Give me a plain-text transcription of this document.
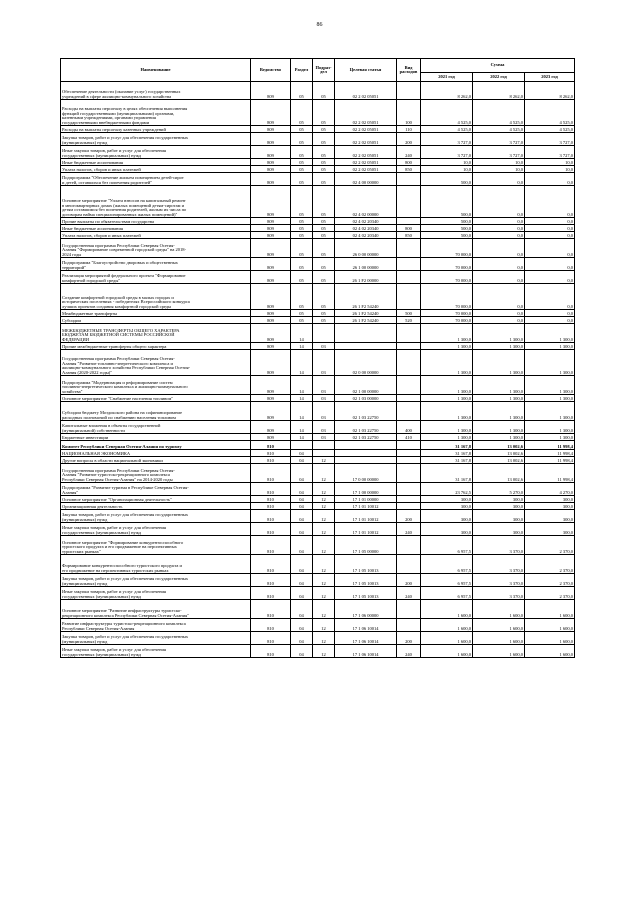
86
Наименование	Ведомство	Раздел	Подраз-
дел	Целевая статья	Вид
расходов	Сумма		
						2021 год	2022 год	2023 год
Обеспечение деятельности (оказание услуг) государственных
учреждений в сфере жилищно-коммунального хозяйства	809	05	05	02 2 02 05051		8 262,0	8 262,0	8 262,0
Расходы на выплаты персоналу в целях обеспечения выполнения
функций государственными (муниципальными) органами,
казенными учреждениями, органами управления
государственными внебюджетными фондами	809	05	05	02 2 02 05051	100	4 525,0	4 525,0	4 525,0
Расходы на выплаты персоналу казенных учреждений	809	05	05	02 2 02 05051	110	4 525,0	4 525,0	4 525,0
Закупка товаров, работ и услуг для обеспечения государственных
(муниципальных) нужд	809	05	05	02 2 02 05051	200	3 727,0	3 727,0	3 727,0
Иные закупки товаров, работ и услуг для обеспечения
государственных (муниципальных) нужд	809	05	05	02 2 02 05051	240	3 727,0	3 727,0	3 727,0
Иные бюджетные ассигнования	809	05	05	02 2 02 05051	800	10,0	10,0	10,0
Уплата налогов, сборов и иных платежей	809	05	05	02 2 02 05051	850	10,0	10,0	10,0
Подпрограмма "Обеспечение жильем помещением детей-сирот
и детей, оставшихся без попечения родителей"	809	05	05	02 4 00 00000		500,0	0,0	0,0
Основное мероприятие "Уплата взносов на капитальный ремонт
в многоквартирных домах (жилых помещений детям-сиротам и
детям оставшимся без попечения родителей, жилым их числа по
договорам найма специализированных жилых помещений)"	809	05	05	02 4 02 00000		500,0	0,0	0,0
Прочие выплаты по обязательствам государства	809	05	05	02 4 02 20340		500,0	0,0	0,0
Иные бюджетные ассигнования	809	05	05	02 4 02 20340	800	500,0	0,0	0,0
Уплата налогов, сборов и иных платежей	809	05	05	02 4 02 20340	850	500,0	0,0	0,0
Государственная программа Республики Северная Осетия-
Алания "Формирование современной городской среды" на 2018-
2024 годы	809	05	05	26 0 00 00000		70 000,0	0,0	0,0
Подпрограмма "Благоустройство дворовых и общественных
территорий"	809	05	05	26 1 00 00000		70 000,0	0,0	0,0
Реализация мероприятий федерального проекта "Формирование
комфортной городской среды"	809	05	05	26 1 F2 00000		70 000,0	0,0	0,0
Создание комфортной городской среды в малых городах и
исторических поселениях - победителях Всероссийского конкурса
лучших проектов создания комфортной городской среды	809	05	05	26 1 F2 54240		70 000,0	0,0	0,0
Межбюджетные трансферты	809	05	05	26 1 F2 54240	500	70 000,0	0,0	0,0
Субсидии	809	05	05	26 1 F2 54240	520	70 000,0	0,0	0,0
МЕЖБЮДЖЕТНЫЕ ТРАНСФЕРТЫ ОБЩЕГО ХАРАКТЕРА
БЮДЖЕТАМ БЮДЖЕТНОЙ СИСТЕМЫ РОССИЙСКОЙ
ФЕДЕРАЦИИ	809	14				1 300,0	1 300,0	1 300,0
Прочие межбюджетные трансферты общего характера	809	14	03			1 300,0	1 300,0	1 300,0
Государственная программа Республики Северная Осетия-
Алания "Развитие топливно-энергетического комплекса и
жилищно-коммунального хозяйства Республики Северная Осетия-
Алания (2020-2022 годы)"	809	14	03	02 0 00 00000		1 300,0	1 300,0	1 300,0
Подпрограмма "Модернизация и реформирование систем
топливно-энергетического комплекса и жилищно-коммунального
хозяйства"	809	14	03	02 1 00 00000		1 300,0	1 300,0	1 300,0
Основное мероприятие "Снабжение населения топливом"	809	14	03	02 1 03 00000		1 300,0	1 300,0	1 300,0
Субсидии бюджету Моздокского района на софинансирование
расходных полномочий по снабжению населения топливом	809	14	03	02 1 03 22750		1 300,0	1 300,0	1 300,0
Капитальные вложения в объекты государственной
(муниципальной) собственности	809	14	03	02 1 03 22750	400	1 300,0	1 300,0	1 300,0
Бюджетные инвестиции	809	14	03	02 1 03 22750	410	1 300,0	1 300,0	1 300,0
Комитет Республики Северная Осетия-Алания по туризму	810					31 167,8	13 002,6	11 998,4
НАЦИОНАЛЬНАЯ ЭКОНОМИКА	810	04				31 167,8	13 002,6	11 998,4
Другие вопросы в области национальной экономики	810	04	12			31 167,8	13 002,6	11 998,4
Государственная программа Республики Северная Осетия-
Алания "Развитие туристско-рекреационного комплекса
Республики Северная Осетия-Алания" на 2014-2020 годы	810	04	12	17 0 00 00000		31 167,8	13 002,6	11 998,4
Подпрограмма "Развитие туризма в Республике Северная Осетия-
Алания"	810	04	12	17 1 00 00000		23 762,5	5 270,0	4 270,0
Основное мероприятие "Организационная деятельность"	810	04	12	17 1 01 00000		300,0	300,0	300,0
Организационная деятельность	810	04	12	17 1 01 10012		300,0	300,0	300,0
Закупка товаров, работ и услуг для обеспечения государственных
(муниципальных) нужд	810	04	12	17 1 01 10012	200	300,0	300,0	300,0
Иные закупки товаров, работ и услуг для обеспечения
государственных (муниципальных) нужд	810	04	12	17 1 01 10012	240	300,0	300,0	300,0
Основное мероприятие "Формирование конкурентоспособного
туристского продукта и его продвижение на перспективных
туристских рынках"	810	04	12	17 1 05 00000		6 957,5	3 370,0	2 370,0
Формирование конкурентоспособного туристского продукта и
его продвижение на перспективных туристских рынках	810	04	12	17 1 05 10013		6 957,5	3 370,0	2 370,0
Закупка товаров, работ и услуг для обеспечения государственных
(муниципальных) нужд	810	04	12	17 1 05 10013	200	6 957,5	3 370,0	2 370,0
Иные закупки товаров, работ и услуг для обеспечения
государственных (муниципальных) нужд	810	04	12	17 1 05 10013	240	6 957,5	3 370,0	2 370,0
Основное мероприятие "Развитие инфраструктуры туристско-
рекреационного комплекса Республики Северная Осетия-Алания"	810	04	12	17 1 06 00000		1 600,0	1 600,0	1 600,0
Развитие инфраструктуры туристско-рекреационного комплекса
Республики Северная Осетия-Алания	810	04	12	17 1 06 10014		1 600,0	1 600,0	1 600,0
Закупка товаров, работ и услуг для обеспечения государственных
(муниципальных) нужд	810	04	12	17 1 06 10014	200	1 600,0	1 600,0	1 600,0
Иные закупки товаров, работ и услуг для обеспечения
государственных (муниципальных) нужд	810	04	12	17 1 06 10014	240	1 600,0	1 600,0	1 600,0
